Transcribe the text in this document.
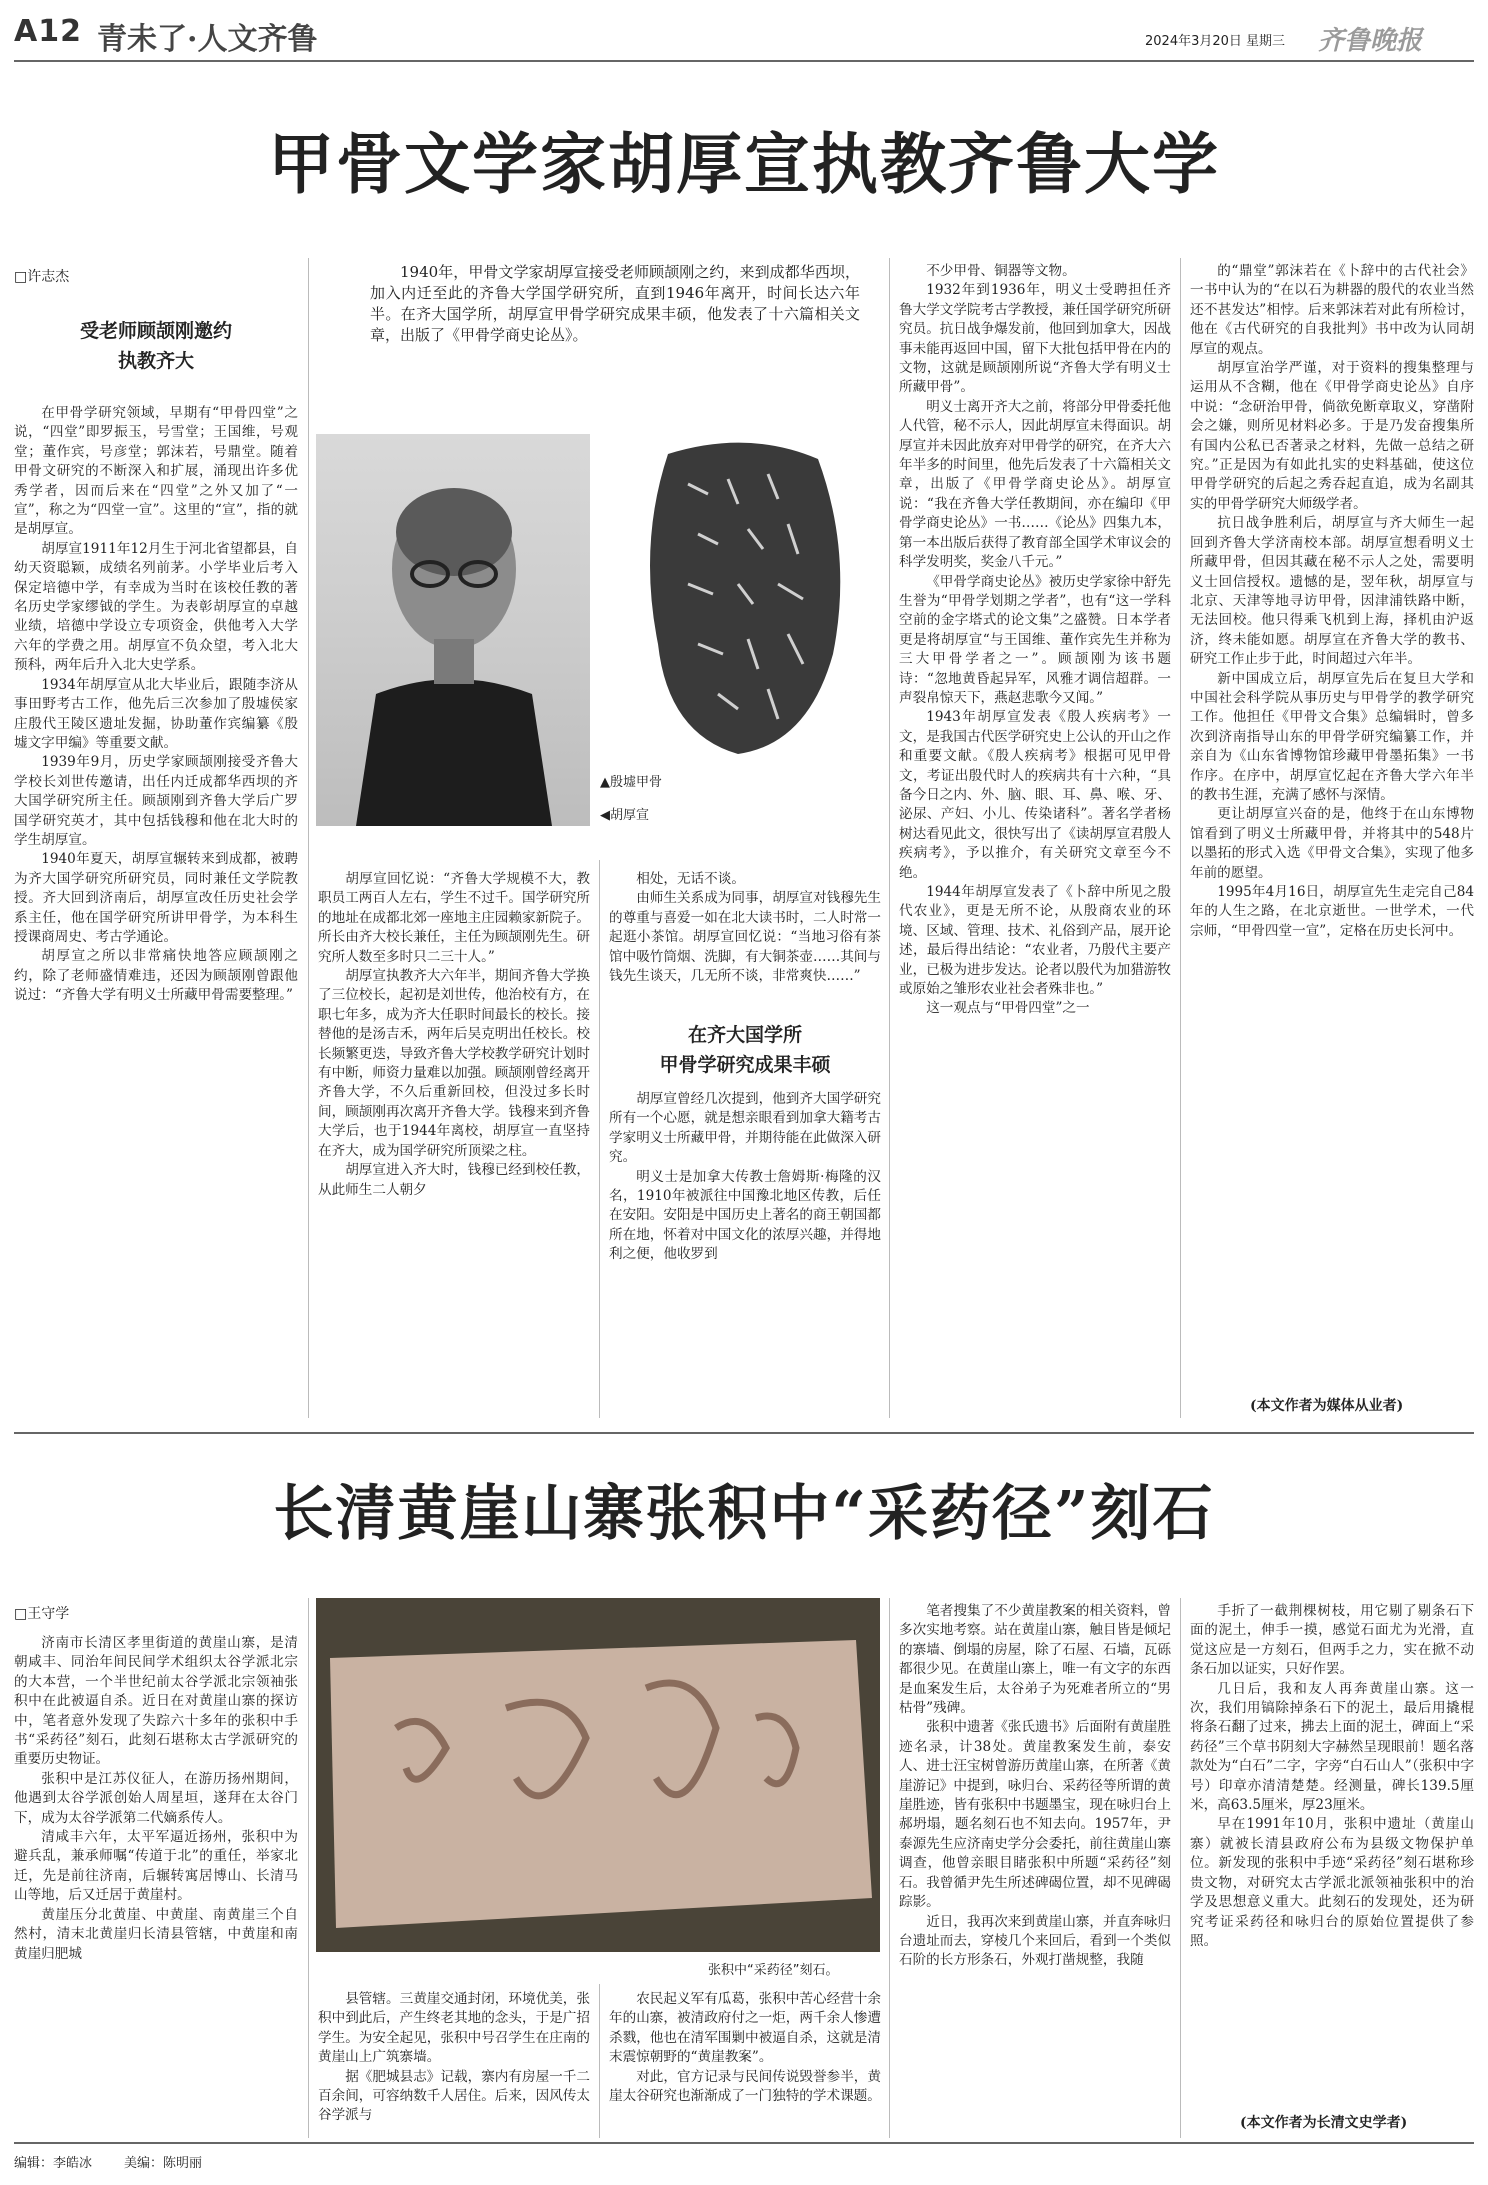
A12 青未了·人文齐鲁	2024年3月20日 星期三 齐鲁晚报
甲骨文学家胡厚宣执教齐鲁大学
□许志杰
受老师顾颉刚邀约
执教齐大

在甲骨学研究领域，早期有“甲骨四堂”之说，“四堂”即罗振玉，号雪堂；王国维，号观堂；董作宾，号彦堂；郭沫若，号鼎堂。随着甲骨文研究的不断深入和扩展，涌现出许多优秀学者，因而后来在“四堂”之外又加了“一宣”，称之为“四堂一宣”。这里的“宣”，指的就是胡厚宣。

胡厚宣1911年12月生于河北省望都县，自幼天资聪颖，成绩名列前茅。小学毕业后考入保定培德中学，有幸成为当时在该校任教的著名历史学家缪钺的学生。为表彰胡厚宣的卓越业绩，培德中学设立专项资金，供他考入大学六年的学费之用。胡厚宣不负众望，考入北大预科，两年后升入北大史学系。

1934年胡厚宣从北大毕业后，跟随李济从事田野考古工作，他先后三次参加了殷墟侯家庄殷代王陵区遗址发掘，协助董作宾编纂《殷墟文字甲编》等重要文献。

1939年9月，历史学家顾颉刚接受齐鲁大学校长刘世传邀请，出任内迁成都华西坝的齐大国学研究所主任。顾颉刚到齐鲁大学后广罗国学研究英才，其中包括钱穆和他在北大时的学生胡厚宣。

1940年夏天，胡厚宣辗转来到成都，被聘为齐大国学研究所研究员，同时兼任文学院教授。齐大回到济南后，胡厚宣改任历史社会学系主任，他在国学研究所讲甲骨学，为本科生授课商周史、考古学通论。

胡厚宣之所以非常痛快地答应顾颉刚之约，除了老师盛情难违，还因为顾颉刚曾跟他说过：“齐鲁大学有明义士所藏甲骨需要整理。”

1940年，甲骨文学家胡厚宣接受老师顾颉刚之约，来到成都华西坝，加入内迁至此的齐鲁大学国学研究所，直到1946年离开，时间长达六年半。在齐大国学所，胡厚宣甲骨学研究成果丰硕，他发表了十六篇相关文章，出版了《甲骨学商史论丛》。

▲殷墟甲骨
◀胡厚宣

胡厚宣回忆说：“齐鲁大学规模不大，教职员工两百人左右，学生不过千。国学研究所的地址在成都北郊一座地主庄园赖家新院子。所长由齐大校长兼任，主任为顾颉刚先生。研究所人数至多时只二三十人。”

胡厚宣执教齐大六年半，期间齐鲁大学换了三位校长，起初是刘世传，他治校有方，在职七年多，成为齐大任职时间最长的校长。接替他的是汤吉禾，两年后吴克明出任校长。校长频繁更迭，导致齐鲁大学校教学研究计划时有中断，师资力量难以加强。顾颉刚曾经离开齐鲁大学，不久后重新回校，但没过多长时间，顾颉刚再次离开齐鲁大学。钱穆来到齐鲁大学后，也于1944年离校，胡厚宣一直坚持在齐大，成为国学研究所顶梁之柱。

胡厚宣进入齐大时，钱穆已经到校任教，从此师生二人朝夕

相处，无话不谈。

由师生关系成为同事，胡厚宣对钱穆先生的尊重与喜爱一如在北大读书时，二人时常一起逛小茶馆。胡厚宣回忆说：“当地习俗有茶馆中吸竹筒烟、洗脚，有大铜茶壶……其间与钱先生谈天，几无所不谈，非常爽快……”

在齐大国学所
甲骨学研究成果丰硕

胡厚宣曾经几次提到，他到齐大国学研究所有一个心愿，就是想亲眼看到加拿大籍考古学家明义士所藏甲骨，并期待能在此做深入研究。

明义士是加拿大传教士詹姆斯·梅隆的汉名，1910年被派往中国豫北地区传教，后任在安阳。安阳是中国历史上著名的商王朝国都所在地，怀着对中国文化的浓厚兴趣，并得地利之便，他收罗到

不少甲骨、铜器等文物。

1932年到1936年，明义士受聘担任齐鲁大学文学院考古学教授，兼任国学研究所研究员。抗日战争爆发前，他回到加拿大，因战事未能再返回中国，留下大批包括甲骨在内的文物，这就是顾颉刚所说“齐鲁大学有明义士所藏甲骨”。

明义士离开齐大之前，将部分甲骨委托他人代管，秘不示人，因此胡厚宣未得面识。胡厚宣并未因此放弃对甲骨学的研究，在齐大六年半多的时间里，他先后发表了十六篇相关文章，出版了《甲骨学商史论丛》。胡厚宣说：“我在齐鲁大学任教期间，亦在编印《甲骨学商史论丛》一书……《论丛》四集九本，第一本出版后获得了教育部全国学术审议会的科学发明奖，奖金八千元。”

《甲骨学商史论丛》被历史学家徐中舒先生誉为“甲骨学划期之学者”，也有“这一学科空前的金字塔式的论文集”之盛赞。日本学者更是将胡厚宣“与王国维、董作宾先生并称为三大甲骨学者之一”。顾颉刚为该书题诗：“忽地黄昏起异军，风雅才调信超群。一声裂帛惊天下，燕赵悲歌今又闻。”

1943年胡厚宣发表《殷人疾病考》一文，是我国古代医学研究史上公认的开山之作和重要文献。《殷人疾病考》根据可见甲骨文，考证出殷代时人的疾病共有十六种，“具备今日之内、外、脑、眼、耳、鼻、喉、牙、泌尿、产妇、小儿、传染诸科”。著名学者杨树达看见此文，很快写出了《读胡厚宣君殷人疾病考》，予以推介，有关研究文章至今不绝。

1944年胡厚宣发表了《卜辞中所见之殷代农业》，更是无所不论，从殷商农业的环境、区域、管理、技术、礼俗到产品，展开论述，最后得出结论：“农业者，乃殷代主要产业，已极为进步发达。论者以殷代为加猎游牧或原始之雏形农业社会者殊非也。”

这一观点与“甲骨四堂”之一

的“鼎堂”郭沫若在《卜辞中的古代社会》一书中认为的“在以石为耕器的殷代的农业当然还不甚发达”相悖。后来郭沫若对此有所检讨，他在《古代研究的自我批判》书中改为认同胡厚宣的观点。

胡厚宣治学严谨，对于资料的搜集整理与运用从不含糊，他在《甲骨学商史论丛》自序中说：“念研治甲骨，倘欲免断章取义，穿凿附会之嫌，则所见材料必多。于是乃发奋搜集所有国内公私已否著录之材料，先做一总结之研究。”正是因为有如此扎实的史料基础，使这位甲骨学研究的后起之秀吞起直追，成为名副其实的甲骨学研究大师级学者。

抗日战争胜利后，胡厚宣与齐大师生一起回到齐鲁大学济南校本部。胡厚宣想看明义士所藏甲骨，但因其藏在秘不示人之处，需要明义士回信授权。遗憾的是，翌年秋，胡厚宣与北京、天津等地寻访甲骨，因津浦铁路中断，无法回校。他只得乘飞机到上海，择机由沪返济，终未能如愿。胡厚宣在齐鲁大学的教书、研究工作止步于此，时间超过六年半。

新中国成立后，胡厚宣先后在复旦大学和中国社会科学院从事历史与甲骨学的教学研究工作。他担任《甲骨文合集》总编辑时，曾多次到济南指导山东的甲骨学研究编纂工作，并亲自为《山东省博物馆珍藏甲骨墨拓集》一书作序。在序中，胡厚宣忆起在齐鲁大学六年半的教书生涯，充满了感怀与深情。

更让胡厚宣兴奋的是，他终于在山东博物馆看到了明义士所藏甲骨，并将其中的548片以墨拓的形式入选《甲骨文合集》，实现了他多年前的愿望。

1995年4月16日，胡厚宣先生走完自己84年的人生之路，在北京逝世。一世学术，一代宗师，“甲骨四堂一宣”，定格在历史长河中。

(本文作者为媒体从业者)
长清黄崖山寨张积中“采药径”刻石
□王守学

济南市长清区孝里街道的黄崖山寨，是清朝咸丰、同治年间民间学术组织太谷学派北宗的大本营，一个半世纪前太谷学派北宗领袖张积中在此被逼自杀。近日在对黄崖山寨的探访中，笔者意外发现了失踪六十多年的张积中手书“采药径”刻石，此刻石堪称太古学派研究的重要历史物证。

张积中是江苏仪征人，在游历扬州期间，他遇到太谷学派创始人周星垣，遂拜在太谷门下，成为太谷学派第二代嫡系传人。

清咸丰六年，太平军逼近扬州，张积中为避兵乱，兼承师嘱“传道于北”的重任，举家北迁，先是前往济南，后辗转寓居博山、长清马山等地，后又迁居于黄崖村。

黄崖压分北黄崖、中黄崖、南黄崖三个自然村，清末北黄崖归长清县管辖，中黄崖和南黄崖归肥城

张积中“采药径”刻石。

县管辖。三黄崖交通封闭，环境优美，张积中到此后，产生终老其地的念头，于是广招学生。为安全起见，张积中号召学生在庄南的黄崖山上广筑寨墙。

据《肥城县志》记载，寨内有房屋一千二百余间，可容纳数千人居住。后来，因风传太谷学派与

农民起义军有瓜葛，张积中苦心经营十余年的山寨，被清政府付之一炬，两千余人惨遭杀戮，他也在清军围剿中被逼自杀，这就是清末震惊朝野的“黄崖教案”。

对此，官方记录与民间传说毁誉参半，黄崖太谷研究也渐渐成了一门独特的学术课题。

笔者搜集了不少黄崖教案的相关资料，曾多次实地考察。站在黄崖山寨，触目皆是倾圮的寨墙、倒塌的房屋，除了石屋、石墙，瓦砾都很少见。在黄崖山寨上，唯一有文字的东西是血案发生后，太谷弟子为死难者所立的“男枯骨”残碑。

张积中遗著《张氏遗书》后面附有黄崖胜迹名录，计38处。黄崖教案发生前，泰安人、进士汪宝树曾游历黄崖山寨，在所著《黄崖游记》中提到，咏归台、采药径等所谓的黄崖胜迹，皆有张积中书题墨宝，现在咏归台上郝坍塌，题名刻石也不知去向。1957年，尹泰源先生应济南史学分会委托，前往黄崖山寨调查，他曾亲眼目睹张积中所题“采药径”刻石。我曾循尹先生所述碑碣位置，却不见碑碣踪影。

近日，我再次来到黄崖山寨，并直奔咏归台遗址而去，穿棱几个来回后，看到一个类似石阶的长方形条石，外观打凿规整，我随

手折了一截荆棵树枝，用它剔了剔条石下面的泥土，伸手一摸，感觉石面尤为光滑，直觉这应是一方刻石，但两手之力，实在掀不动条石加以证实，只好作罢。

几日后，我和友人再奔黄崖山寨。这一次，我们用镐除掉条石下的泥土，最后用撬棍将条石翻了过来，拂去上面的泥土，碑面上“采药径”三个草书阴刻大字赫然呈现眼前！题名落款处为“白石”二字，字旁“白石山人”（张积中字号）印章亦清清楚楚。经测量，碑长139.5厘米，高63.5厘米，厚23厘米。

早在1991年10月，张积中遗址（黄崖山寨）就被长清县政府公布为县级文物保护单位。新发现的张积中手迹“采药径”刻石堪称珍贵文物，对研究太古学派北派领袖张积中的治学及思想意义重大。此刻石的发现处，还为研究考证采药径和咏归台的原始位置提供了参照。

(本文作者为长清文史学者)
编辑：李皓冰 美编：陈明丽
